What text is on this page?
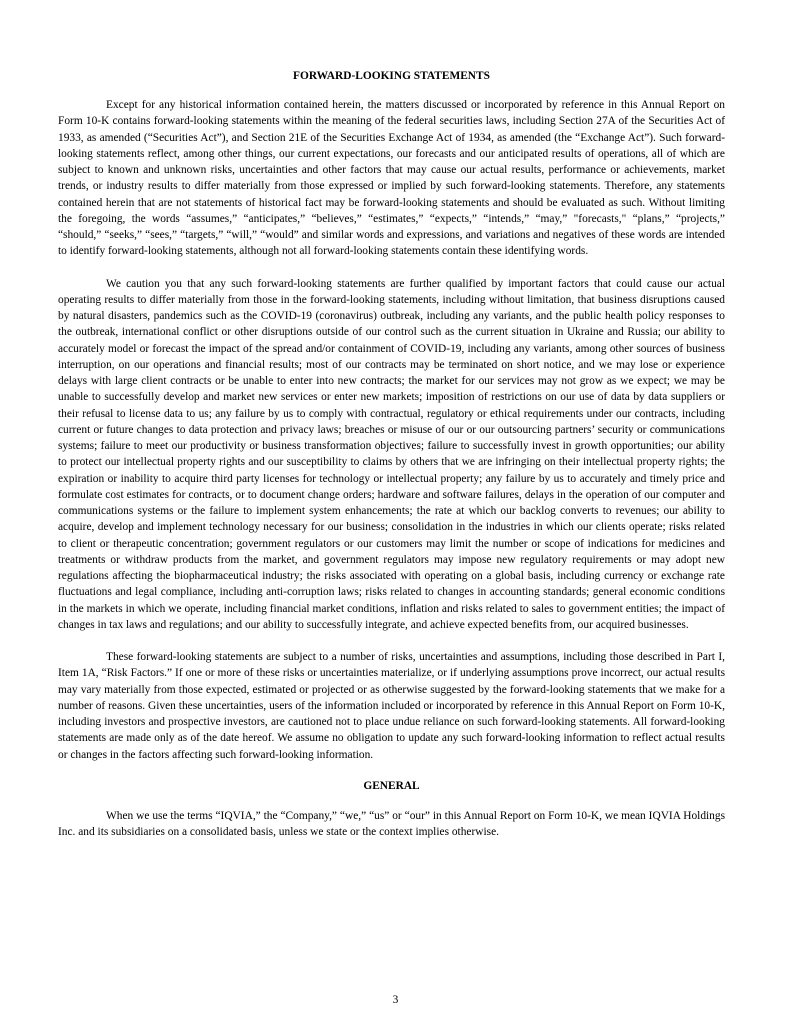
FORWARD-LOOKING STATEMENTS

Except for any historical information contained herein, the matters discussed or incorporated by reference in this Annual Report on Form 10-K contains forward-looking statements within the meaning of the federal securities laws, including Section 27A of the Securities Act of 1933, as amended (“Securities Act”), and Section 21E of the Securities Exchange Act of 1934, as amended (the “Exchange Act”). Such forward-looking statements reflect, among other things, our current expectations, our forecasts and our anticipated results of operations, all of which are subject to known and unknown risks, uncertainties and other factors that may cause our actual results, performance or achievements, market trends, or industry results to differ materially from those expressed or implied by such forward-looking statements. Therefore, any statements contained herein that are not statements of historical fact may be forward-looking statements and should be evaluated as such. Without limiting the foregoing, the words “assumes,” “anticipates,” “believes,” “estimates,” “expects,” “intends,” “may,” "forecasts," “plans,” “projects,” “should,” “seeks,” “sees,” “targets,” “will,” “would” and similar words and expressions, and variations and negatives of these words are intended to identify forward-looking statements, although not all forward-looking statements contain these identifying words.

We caution you that any such forward-looking statements are further qualified by important factors that could cause our actual operating results to differ materially from those in the forward-looking statements, including without limitation, that business disruptions caused by natural disasters, pandemics such as the COVID-19 (coronavirus) outbreak, including any variants, and the public health policy responses to the outbreak, international conflict or other disruptions outside of our control such as the current situation in Ukraine and Russia; our ability to accurately model or forecast the impact of the spread and/or containment of COVID-19, including any variants, among other sources of business interruption, on our operations and financial results; most of our contracts may be terminated on short notice, and we may lose or experience delays with large client contracts or be unable to enter into new contracts; the market for our services may not grow as we expect; we may be unable to successfully develop and market new services or enter new markets; imposition of restrictions on our use of data by data suppliers or their refusal to license data to us; any failure by us to comply with contractual, regulatory or ethical requirements under our contracts, including current or future changes to data protection and privacy laws; breaches or misuse of our or our outsourcing partners’ security or communications systems; failure to meet our productivity or business transformation objectives; failure to successfully invest in growth opportunities; our ability to protect our intellectual property rights and our susceptibility to claims by others that we are infringing on their intellectual property rights; the expiration or inability to acquire third party licenses for technology or intellectual property; any failure by us to accurately and timely price and formulate cost estimates for contracts, or to document change orders; hardware and software failures, delays in the operation of our computer and communications systems or the failure to implement system enhancements; the rate at which our backlog converts to revenues; our ability to acquire, develop and implement technology necessary for our business; consolidation in the industries in which our clients operate; risks related to client or therapeutic concentration; government regulators or our customers may limit the number or scope of indications for medicines and treatments or withdraw products from the market, and government regulators may impose new regulatory requirements or may adopt new regulations affecting the biopharmaceutical industry; the risks associated with operating on a global basis, including currency or exchange rate fluctuations and legal compliance, including anti-corruption laws; risks related to changes in accounting standards; general economic conditions in the markets in which we operate, including financial market conditions, inflation and risks related to sales to government entities; the impact of changes in tax laws and regulations; and our ability to successfully integrate, and achieve expected benefits from, our acquired businesses.

These forward-looking statements are subject to a number of risks, uncertainties and assumptions, including those described in Part I, Item 1A, “Risk Factors.” If one or more of these risks or uncertainties materialize, or if underlying assumptions prove incorrect, our actual results may vary materially from those expected, estimated or projected or as otherwise suggested by the forward-looking statements that we make for a number of reasons. Given these uncertainties, users of the information included or incorporated by reference in this Annual Report on Form 10-K, including investors and prospective investors, are cautioned not to place undue reliance on such forward-looking statements. All forward-looking statements are made only as of the date hereof. We assume no obligation to update any such forward-looking information to reflect actual results or changes in the factors affecting such forward-looking information.

GENERAL

When we use the terms “IQVIA,” the “Company,” “we,” “us” or “our” in this Annual Report on Form 10-K, we mean IQVIA Holdings Inc. and its subsidiaries on a consolidated basis, unless we state or the context implies otherwise.

3
